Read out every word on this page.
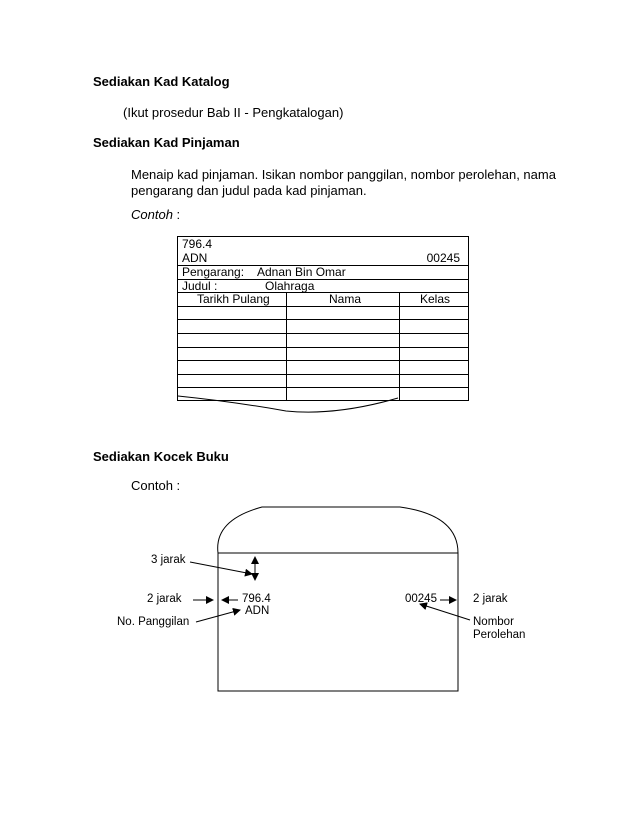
Sediakan Kad Katalog
(Ikut prosedur Bab II - Pengkatalogan)
Sediakan Kad Pinjaman
Menaip kad pinjaman. Isikan nombor panggilan, nombor perolehan, nama
pengarang dan judul pada kad pinjaman.
Contoh :
796.4
ADN	00245
Pengarang: Adnan Bin Omar
Judul :	Olahraga
Tarikh Pulang	Nama	Kelas
Sediakan Kocek Buku
Contoh :
3 jarak
2 jarak	796.4
ADN
00245	2 jarak
No. Panggilan	Nombor
Perolehan
